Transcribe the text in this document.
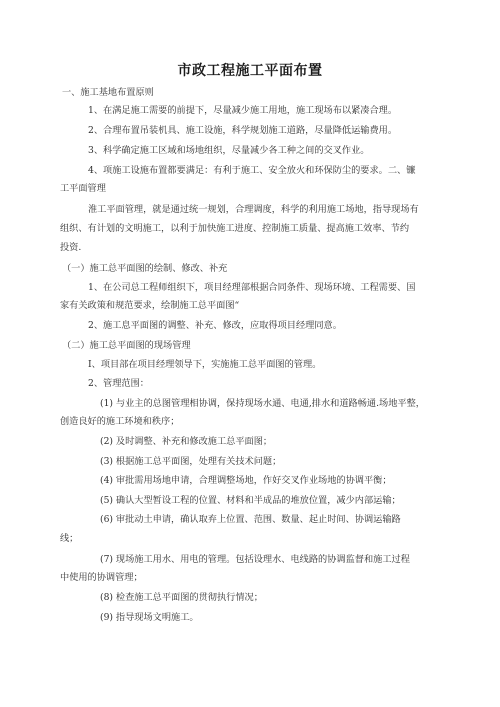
市政工程施工平面布置
一、施工基地布置原则
1、在满足施工需要的前提下，尽量减少施工用地，施工现场布以紧凑合理。
2、合理布置吊装机具、施工设施，科学规划施工道路，尽量降低运输费用。
3、科学确定施工区域和场地组织，尽量减少各工种之间的交叉作业。
4、项施工设施布置都要满足：有利于施工、安全放火和环保防尘的要求。二、镰
工平面管理
淮工平面管理，就是通过统一规划，合理调度，科学的利用施工场地，指导现场有
组织、有计划的文明施工，以利于加快施工进度、控制施工质量、提高施工效率、节约
投资.
（一）施工总平面图的绘制、修改、补充
1、在公司总工程师组织下，项目经理部根据合同条件、现场环境、工程需要、国
家有关政策和规范要求，绘制施工总平面图“
2、施工息平面图的调整、补充、修改，应取得项目经理同意。
（二）施工总平面图的现场管理
I、项目部在项目经理领导下，实施施工总平面图的管理。
2、管理范围：
(1) 与业主的总图管理相协调，保持现场水通、电通,排水和道路畅通.场地平整，
创造良好的施工环境和秩序；
(2) 及时调整、补充和修改施工总平面图；
(3) 根据施工总平面图，处理有关技术问题；
(4) 审批需用场地申请，合理调整场地，作好交叉作业场地的协调平衡；
(5) 确认大型暂设工程的位置、材料和半成品的堆放位置，减少内部运输；
(6) 审批动土申请，确认取弃上位置、范围、数量、起止时间、协调运输路
线；
(7) 现场施工用水、用电的管理。包括设理水、电线路的协调监督和施工过程
中使用的协调管理；
(8) 检查施工总平面图的贯彻执行情况；
(9) 指导现场文明施工。
